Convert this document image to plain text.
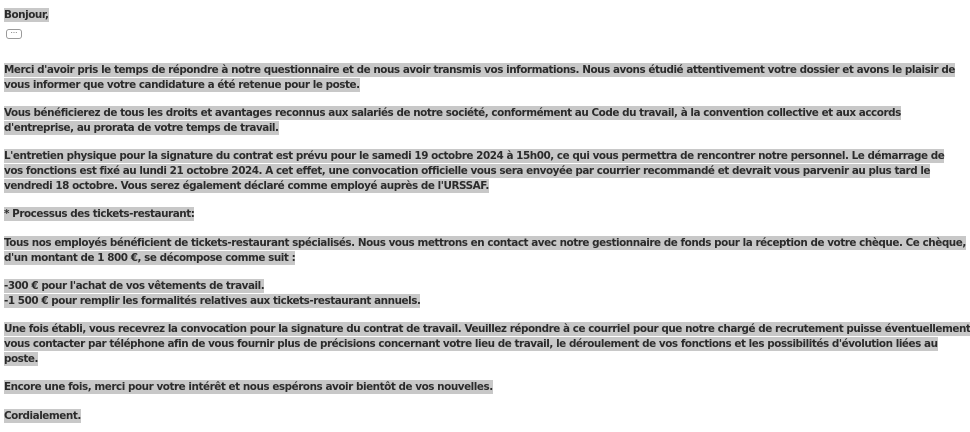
Bonjour,
···
Merci d'avoir pris le temps de répondre à notre questionnaire et de nous avoir transmis vos informations. Nous avons étudié attentivement votre dossier et avons le plaisir de
vous informer que votre candidature a été retenue pour le poste.
Vous bénéficierez de tous les droits et avantages reconnus aux salariés de notre société, conformément au Code du travail, à la convention collective et aux accords
d'entreprise, au prorata de votre temps de travail.
L'entretien physique pour la signature du contrat est prévu pour le samedi 19 octobre 2024 à 15h00, ce qui vous permettra de rencontrer notre personnel. Le démarrage de
vos fonctions est fixé au lundi 21 octobre 2024. A cet effet, une convocation officielle vous sera envoyée par courrier recommandé et devrait vous parvenir au plus tard le
vendredi 18 octobre. Vous serez également déclaré comme employé auprès de l'URSSAF.
* Processus des tickets-restaurant:
Tous nos employés bénéficient de tickets-restaurant spécialisés. Nous vous mettrons en contact avec notre gestionnaire de fonds pour la réception de votre chèque. Ce chèque,
d'un montant de 1 800 €, se décompose comme suit :
-300 € pour l'achat de vos vêtements de travail.
-1 500 € pour remplir les formalités relatives aux tickets-restaurant annuels.
Une fois établi, vous recevrez la convocation pour la signature du contrat de travail. Veuillez répondre à ce courriel pour que notre chargé de recrutement puisse éventuellement
vous contacter par téléphone afin de vous fournir plus de précisions concernant votre lieu de travail, le déroulement de vos fonctions et les possibilités d'évolution liées au
poste.
Encore une fois, merci pour votre intérêt et nous espérons avoir bientôt de vos nouvelles.
Cordialement.
